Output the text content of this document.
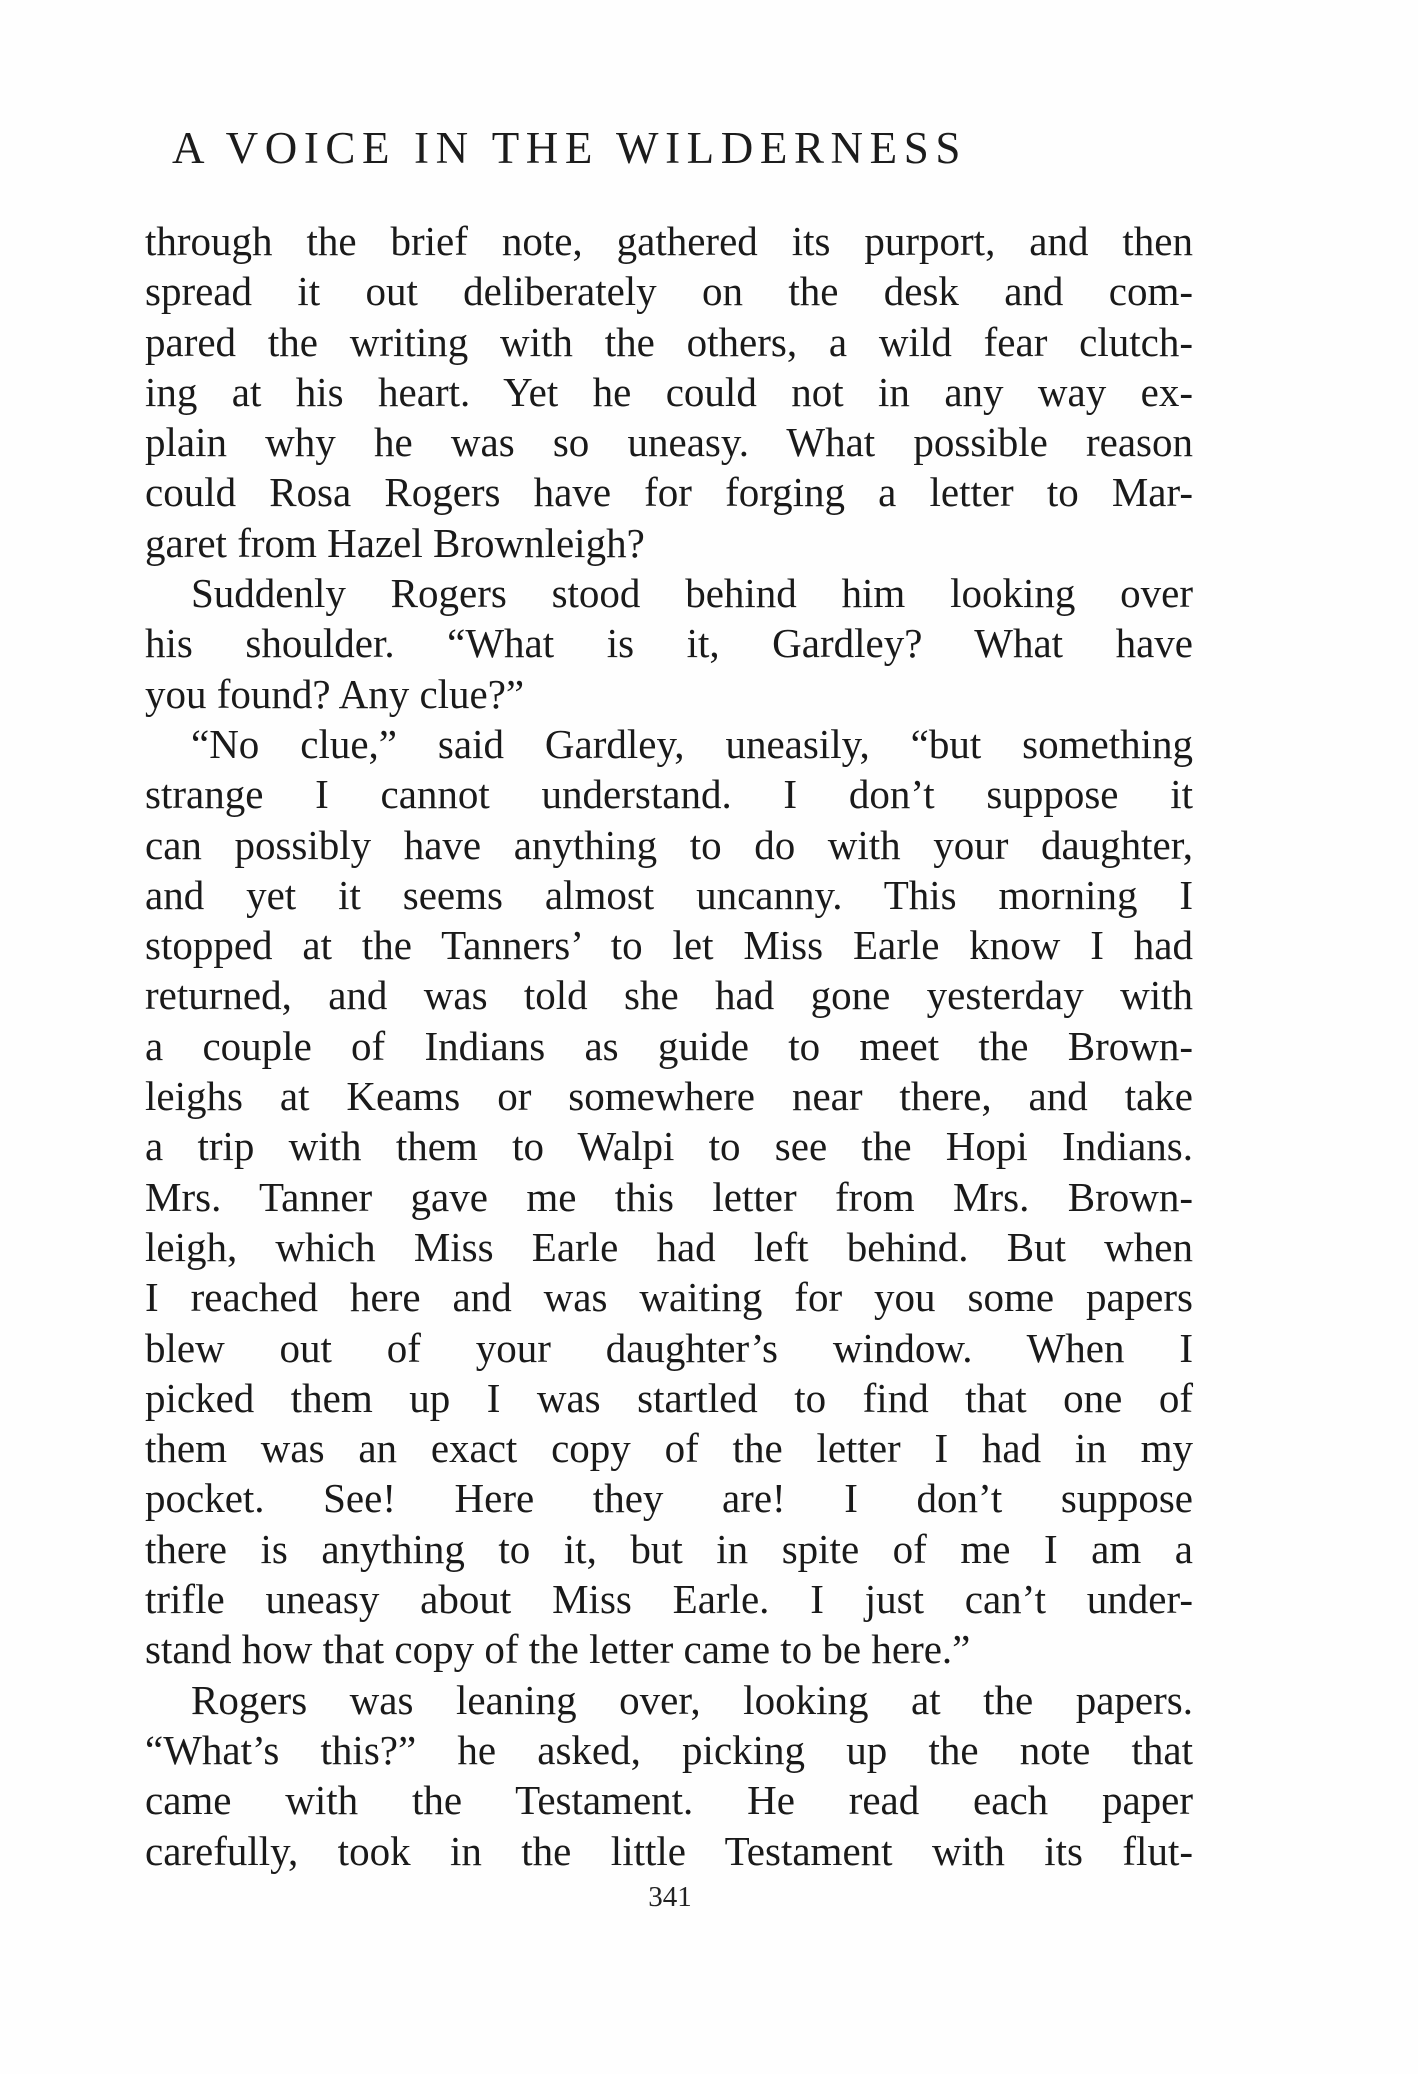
A VOICE IN THE WILDERNESS
through the brief note, gathered its purport, and then
spread it out deliberately on the desk and com-
pared the writing with the others, a wild fear clutch-
ing at his heart. Yet he could not in any way ex-
plain why he was so uneasy. What possible reason
could Rosa Rogers have for forging a letter to Mar-
garet from Hazel Brownleigh?
Suddenly Rogers stood behind him looking over
his shoulder. “What is it, Gardley? What have
you found? Any clue?”
“No clue,” said Gardley, uneasily, “but something
strange I cannot understand. I don’t suppose it
can possibly have anything to do with your daughter,
and yet it seems almost uncanny. This morning I
stopped at the Tanners’ to let Miss Earle know I had
returned, and was told she had gone yesterday with
a couple of Indians as guide to meet the Brown-
leighs at Keams or somewhere near there, and take
a trip with them to Walpi to see the Hopi Indians.
Mrs. Tanner gave me this letter from Mrs. Brown-
leigh, which Miss Earle had left behind. But when
I reached here and was waiting for you some papers
blew out of your daughter’s window. When I
picked them up I was startled to find that one of
them was an exact copy of the letter I had in my
pocket. See! Here they are! I don’t suppose
there is anything to it, but in spite of me I am a
trifle uneasy about Miss Earle. I just can’t under-
stand how that copy of the letter came to be here.”
Rogers was leaning over, looking at the papers.
“What’s this?” he asked, picking up the note that
came with the Testament. He read each paper
carefully, took in the little Testament with its flut-
341
